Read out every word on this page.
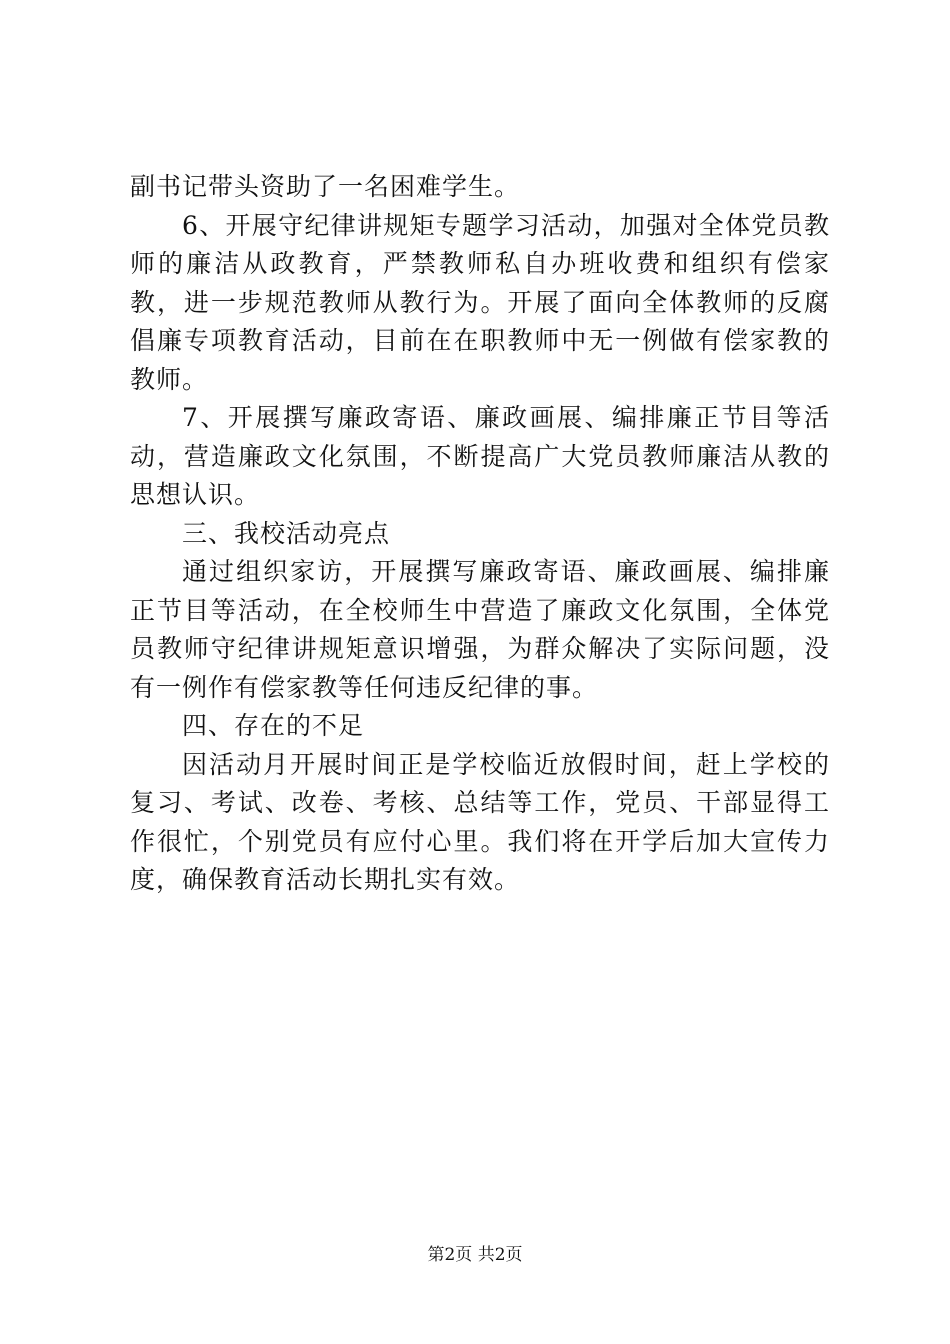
副书记带头资助了一名困难学生。

6、开展守纪律讲规矩专题学习活动，加强对全体党员教师的廉洁从政教育，严禁教师私自办班收费和组织有偿家教，进一步规范教师从教行为。开展了面向全体教师的反腐倡廉专项教育活动，目前在在职教师中无一例做有偿家教的教师。

7、开展撰写廉政寄语、廉政画展、编排廉正节目等活动，营造廉政文化氛围，不断提高广大党员教师廉洁从教的思想认识。

三、我校活动亮点

通过组织家访，开展撰写廉政寄语、廉政画展、编排廉正节目等活动，在全校师生中营造了廉政文化氛围，全体党员教师守纪律讲规矩意识增强，为群众解决了实际问题，没有一例作有偿家教等任何违反纪律的事。

四、存在的不足

因活动月开展时间正是学校临近放假时间，赶上学校的复习、考试、改卷、考核、总结等工作，党员、干部显得工作很忙，个别党员有应付心里。我们将在开学后加大宣传力度，确保教育活动长期扎实有效。

第2页 共2页
